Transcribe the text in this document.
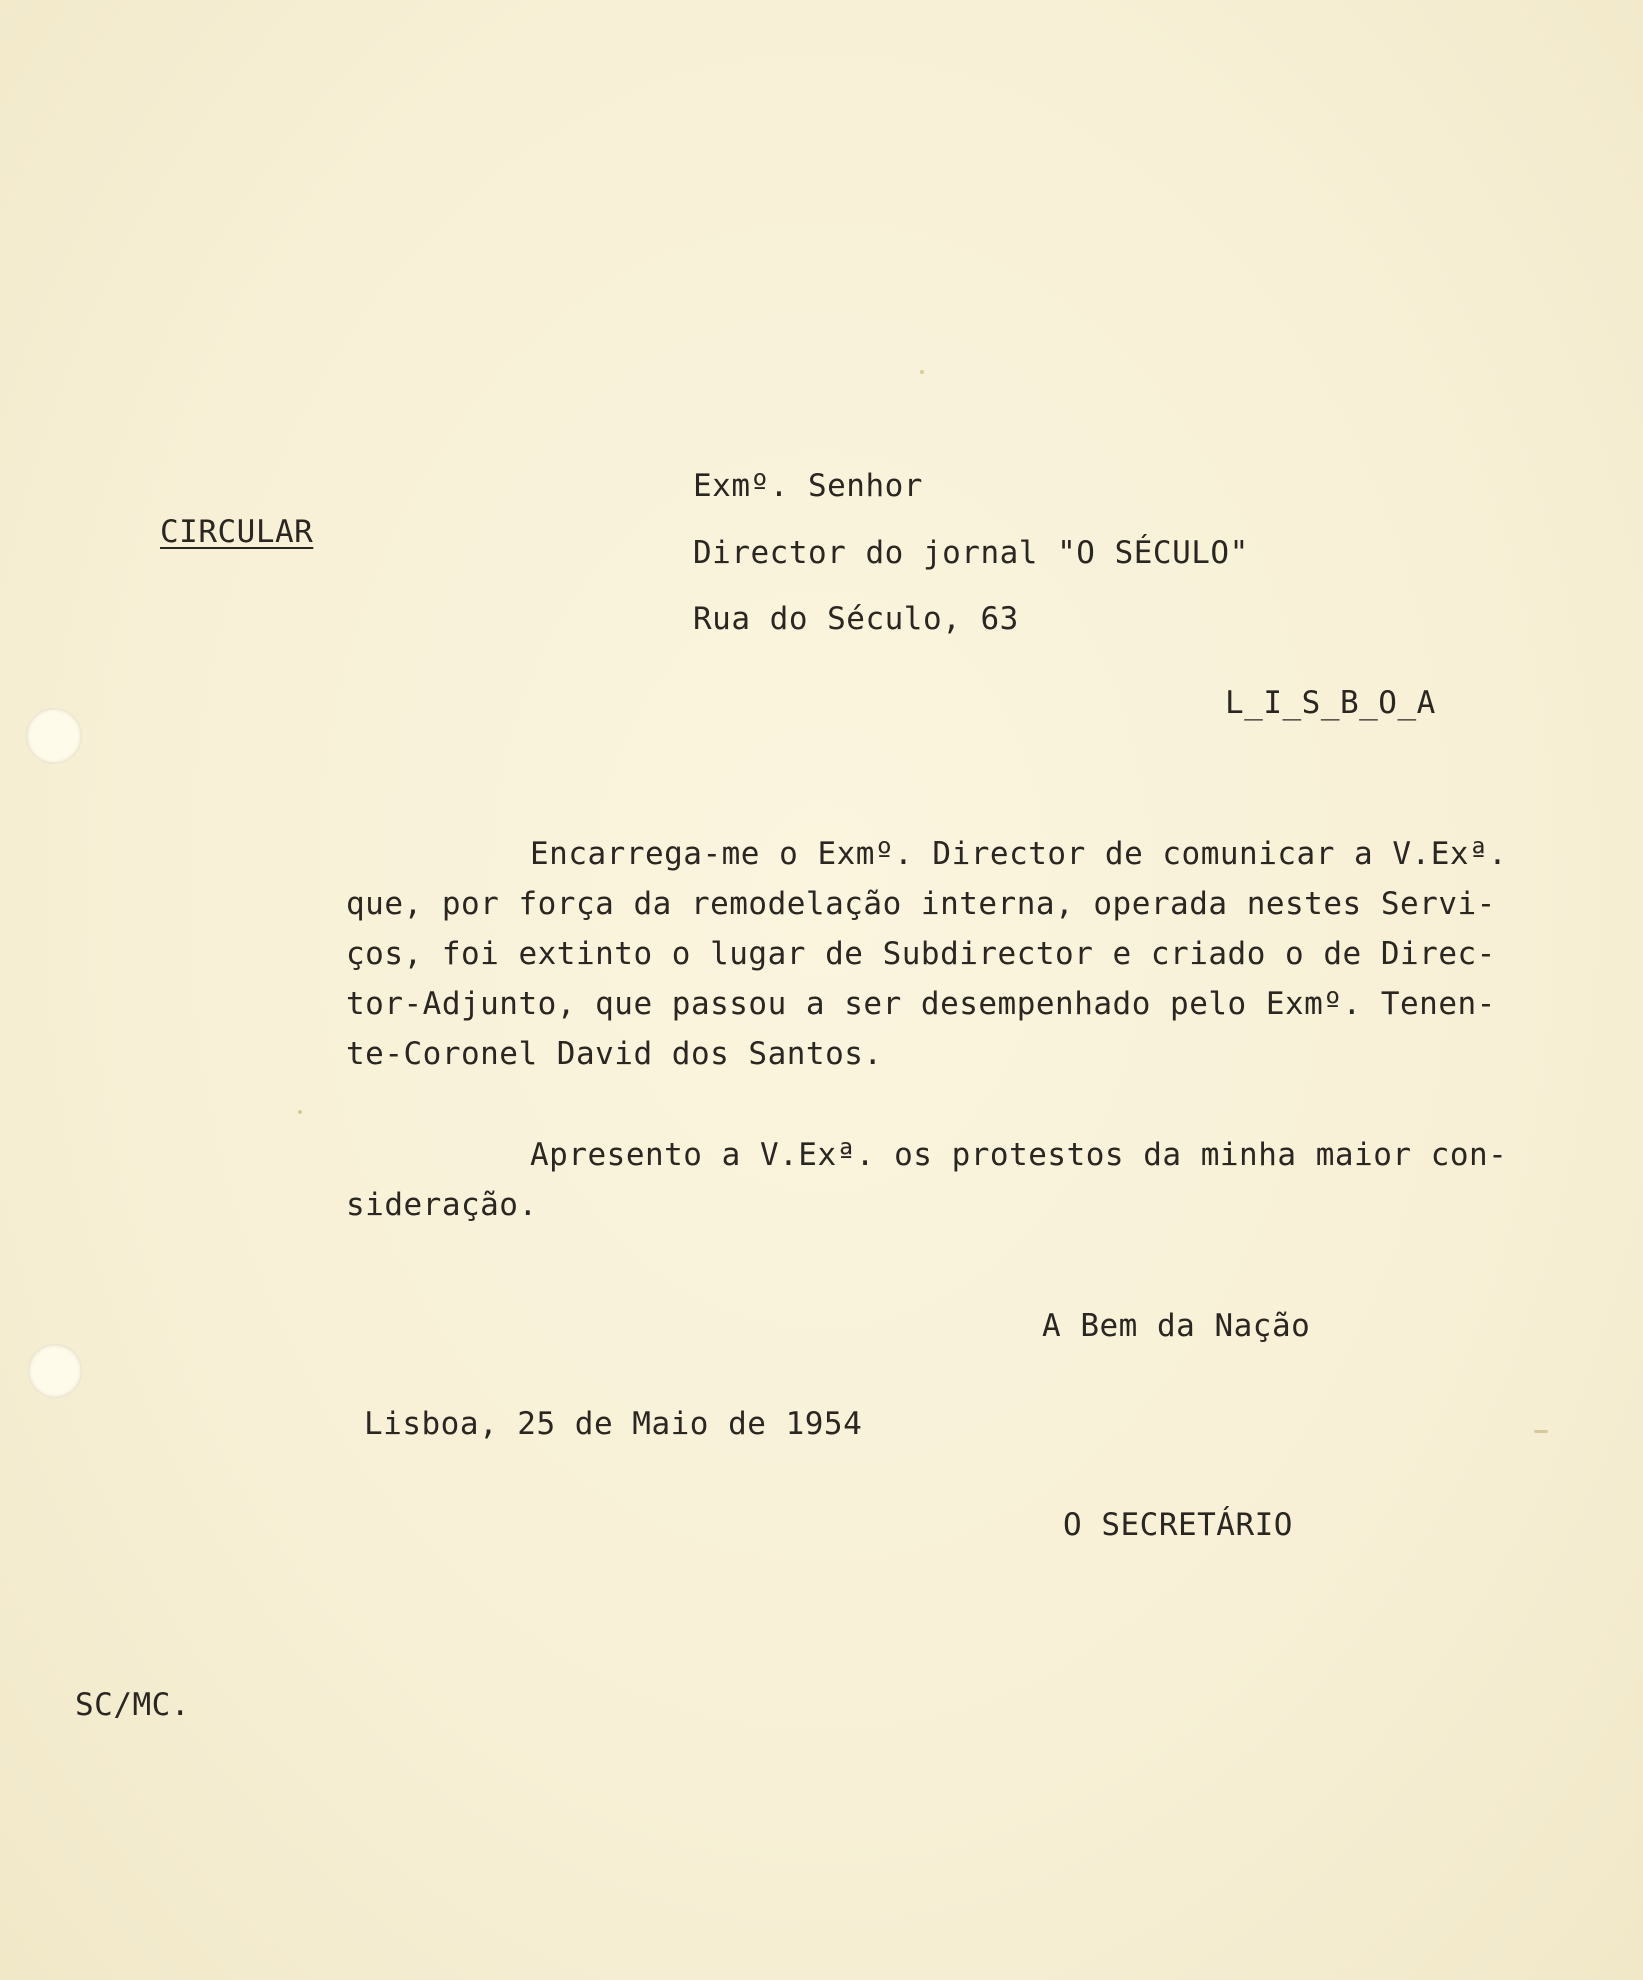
CIRCULAR
Exmº. Senhor
Director do jornal "O SÉCULO"
Rua do Século, 63
L_I_S_B_O_A
Encarrega-me o Exmº. Director de comunicar a V.Exª.
que, por força da remodelação interna, operada nestes Servi-
ços, foi extinto o lugar de Subdirector e criado o de Direc-
tor-Adjunto, que passou a ser desempenhado pelo Exmº. Tenen-
te-Coronel David dos Santos.
Apresento a V.Exª. os protestos da minha maior con-
sideração.
A Bem da Nação
Lisboa, 25 de Maio de 1954
O SECRETÁRIO
SC/MC.
